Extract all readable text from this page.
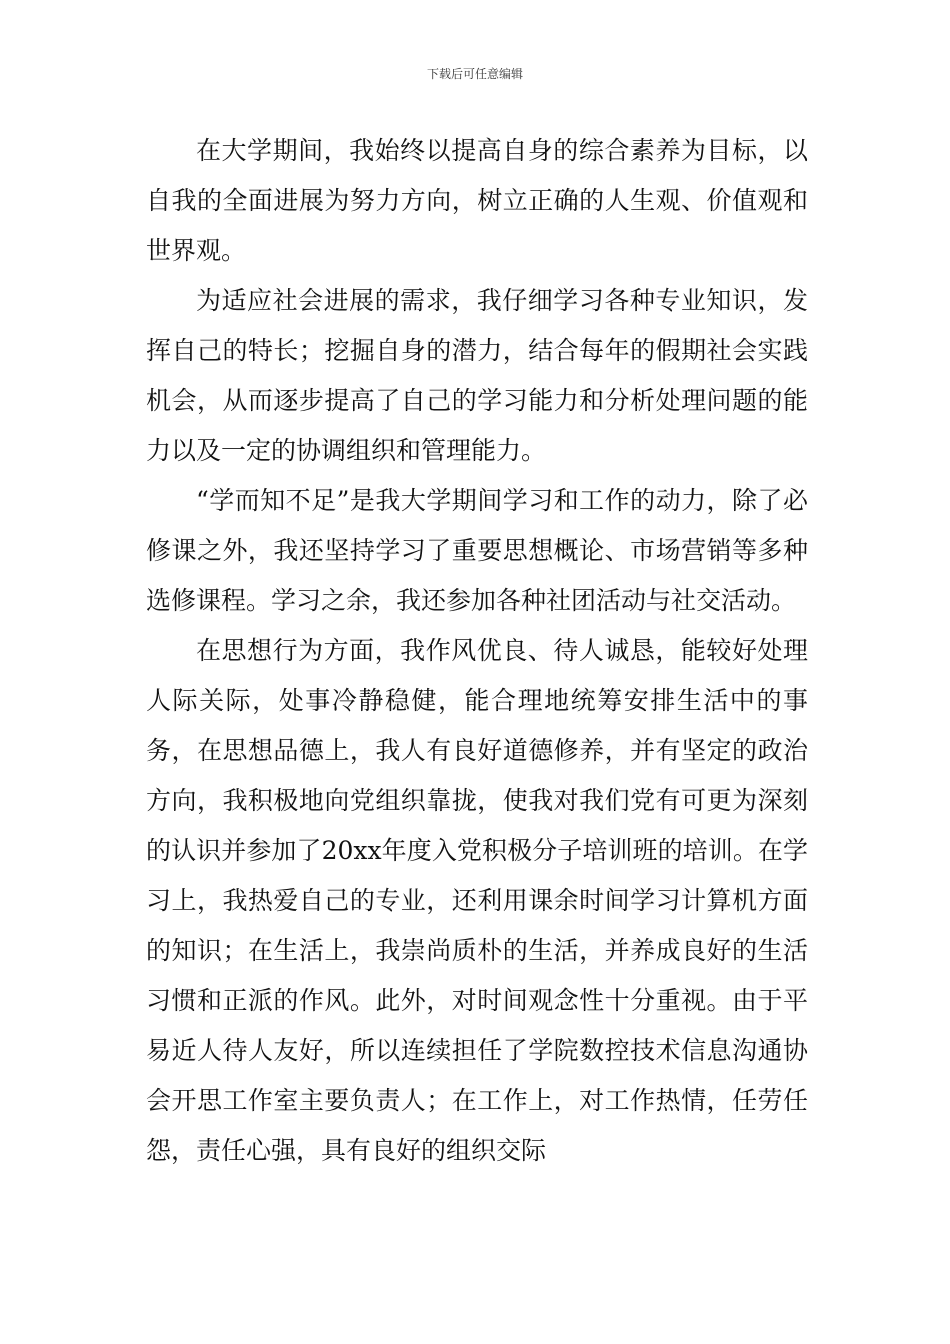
下载后可任意编辑

在大学期间，我始终以提高自身的综合素养为目标，以自我的全面进展为努力方向，树立正确的人生观、价值观和世界观。

为适应社会进展的需求，我仔细学习各种专业知识，发挥自己的特长；挖掘自身的潜力，结合每年的假期社会实践机会，从而逐步提高了自己的学习能力和分析处理问题的能力以及一定的协调组织和管理能力。

“学而知不足”是我大学期间学习和工作的动力，除了必修课之外，我还坚持学习了重要思想概论、市场营销等多种选修课程。学习之余，我还参加各种社团活动与社交活动。

在思想行为方面，我作风优良、待人诚恳，能较好处理人际关际，处事冷静稳健，能合理地统筹安排生活中的事务，在思想品德上，我人有良好道德修养，并有坚定的政治方向，我积极地向党组织靠拢，使我对我们党有可更为深刻的认识并参加了20xx年度入党积极分子培训班的培训。在学习上，我热爱自己的专业，还利用课余时间学习计算机方面的知识；在生活上，我崇尚质朴的生活，并养成良好的生活习惯和正派的作风。此外，对时间观念性十分重视。由于平易近人待人友好，所以连续担任了学院数控技术信息沟通协会开思工作室主要负责人；在工作上，对工作热情，任劳任怨，责任心强，具有良好的组织交际
